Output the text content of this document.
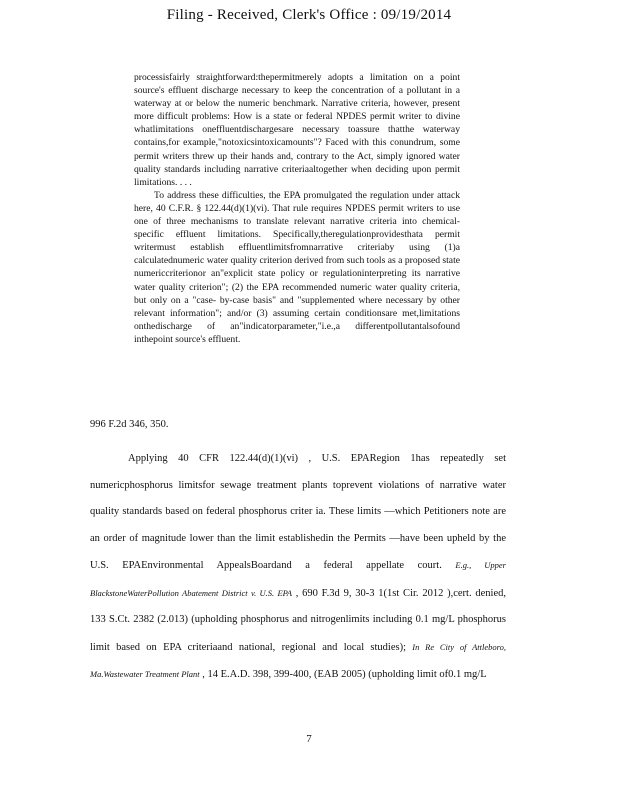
Filing - Received, Clerk's Office : 09/19/2014

processisfairly straightforward:thepermitmerely adopts a limitation on a point source's effluent discharge necessary to keep the concentration of a pollutant in a waterway at or below the numeric benchmark. Narrative criteria, however, present more difficult problems: How is a state or federal NPDES permit writer to divine whatlimitations oneffluentdischargesare necessary toassure thatthe waterway contains,for example,"notoxicsintoxicamounts"? Faced with this conundrum, some permit writers threw up their hands and, contrary to the Act, simply ignored water quality standards including narrative criteriaaltogether when deciding upon permit limitations. . . .

To address these difficulties, the EPA promulgated the regulation under attack here, 40 C.F.R. § 122.44(d)(1)(vi). That rule requires NPDES permit writers to use one of three mechanisms to translate relevant narrative criteria into chemical-specific effluent limitations. Specifically,theregulationprovidesthata permit writermust establish effluentlimitsfromnarrative criteriaby using (1)a calculatednumeric water quality criterion derived from such tools as a proposed state numericcriterionor an"explicit state policy or regulationinterpreting its narrative water quality criterion"; (2) the EPA recommended numeric water quality criteria, but only on a "case- by-case basis" and "supplemented where necessary by other relevant information"; and/or (3) assuming certain conditionsare met,limitations onthedischarge of an"indicatorparameter,"i.e.,a differentpollutantalsofound inthepoint source's effluent.

996 F.2d 346, 350.

Applying 40 CFR 122.44(d)(1)(vi) , U.S. EPARegion 1has repeatedly set numericphosphorus limitsfor sewage treatment plants toprevent violations of narrative water quality standards based on federal phosphorus criter ia. These limits —which Petitioners note are an order of magnitude lower than the limit establishedin the Permits —have been upheld by the U.S. EPAEnvironmental AppealsBoardand a federal appellate court. E.g., Upper BlackstoneWaterPollution Abatement District v. U.S. EPA , 690 F.3d 9, 30-3 1(1st Cir. 2012 ),cert. denied, 133 S.Ct. 2382 (2.013) (upholding phosphorus and nitrogenlimits including 0.1 mg/L phosphorus limit based on EPA criteriaand national, regional and local studies); In Re City of Attleboro, Ma.Wastewater Treatment Plant , 14 E.A.D. 398, 399-400, (EAB 2005) (upholding limit of0.1 mg/L

7
